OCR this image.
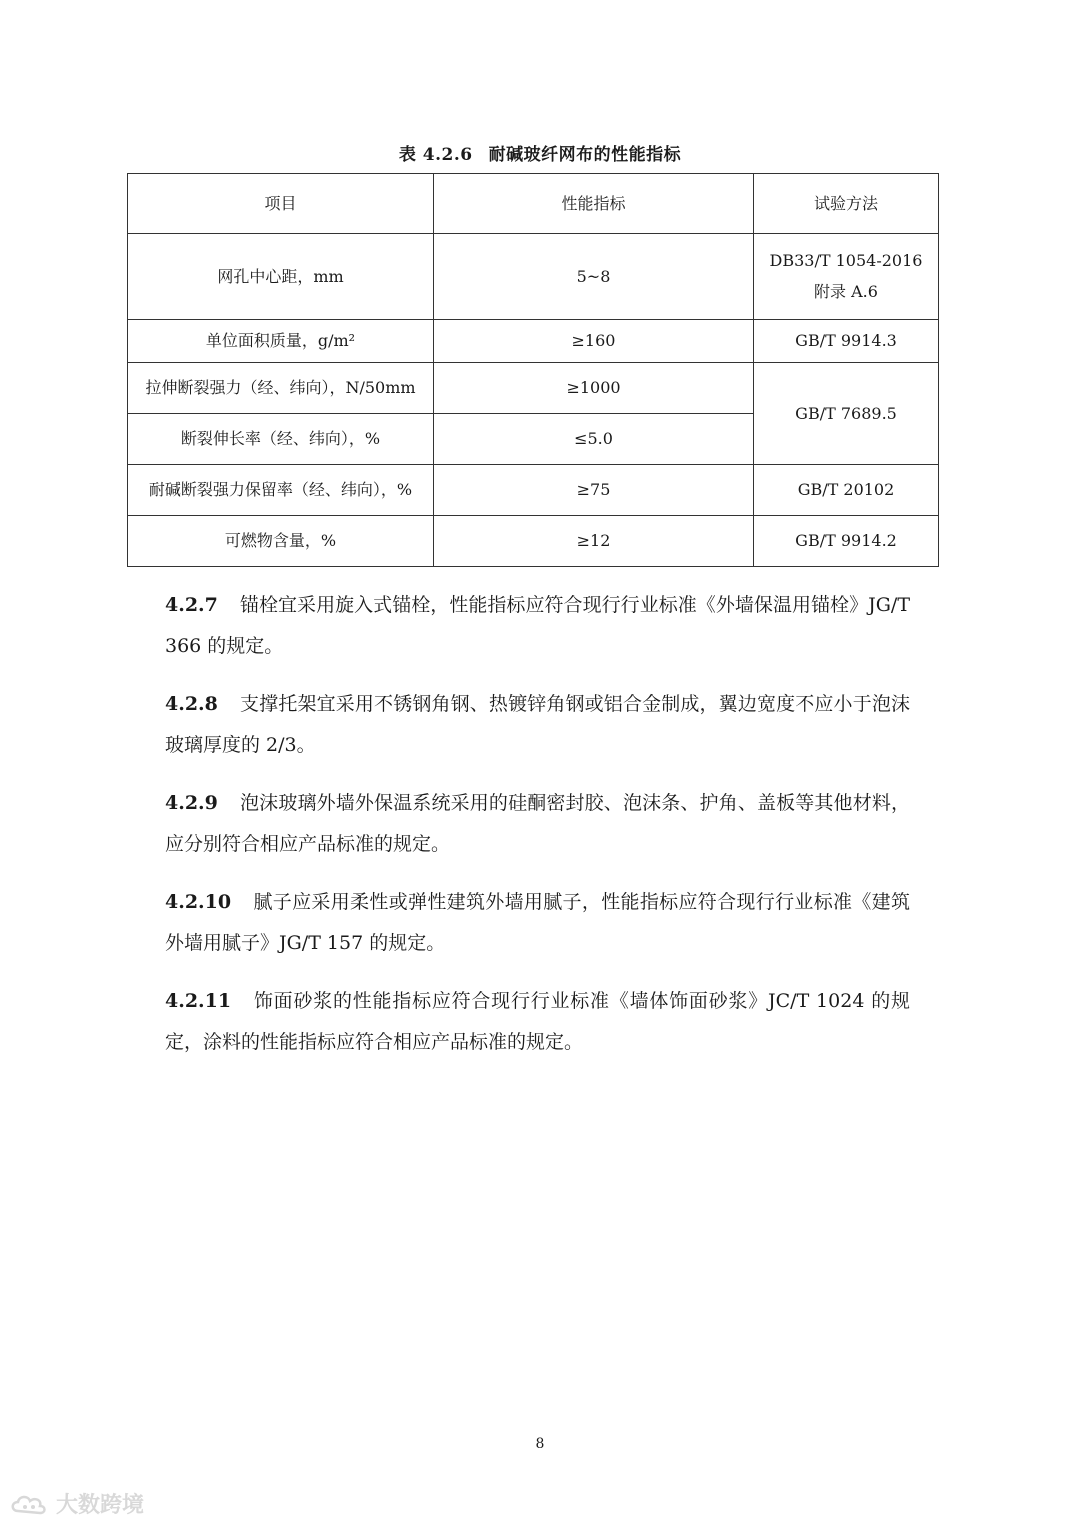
表 4.2.6 耐碱玻纤网布的性能指标
项目	性能指标	试验方法
网孔中心距，mm	5~8	DB33/T 1054-2016
附录 A.6

单位面积质量，g/m²	≥160	GB/T 9914.3
拉伸断裂强力（经、纬向），N/50mm	≥1000	GB/T 7689.5
断裂伸长率（经、纬向），%	≤5.0	
耐碱断裂强力保留率（经、纬向），%	≥75	GB/T 20102
可燃物含量，%	≥12	GB/T 9914.2

4.2.7 锚栓宜采用旋入式锚栓，性能指标应符合现行行业标准《外墙保温用锚栓》JG/T 366 的规定。

4.2.8 支撑托架宜采用不锈钢角钢、热镀锌角钢或铝合金制成，翼边宽度不应小于泡沫玻璃厚度的 2/3。

4.2.9 泡沫玻璃外墙外保温系统采用的硅酮密封胶、泡沫条、护角、盖板等其他材料，应分别符合相应产品标准的规定。

4.2.10 腻子应采用柔性或弹性建筑外墙用腻子，性能指标应符合现行行业标准《建筑外墙用腻子》JG/T 157 的规定。

4.2.11 饰面砂浆的性能指标应符合现行行业标准《墙体饰面砂浆》JC/T 1024 的规定，涂料的性能指标应符合相应产品标准的规定。

8
大数跨境
